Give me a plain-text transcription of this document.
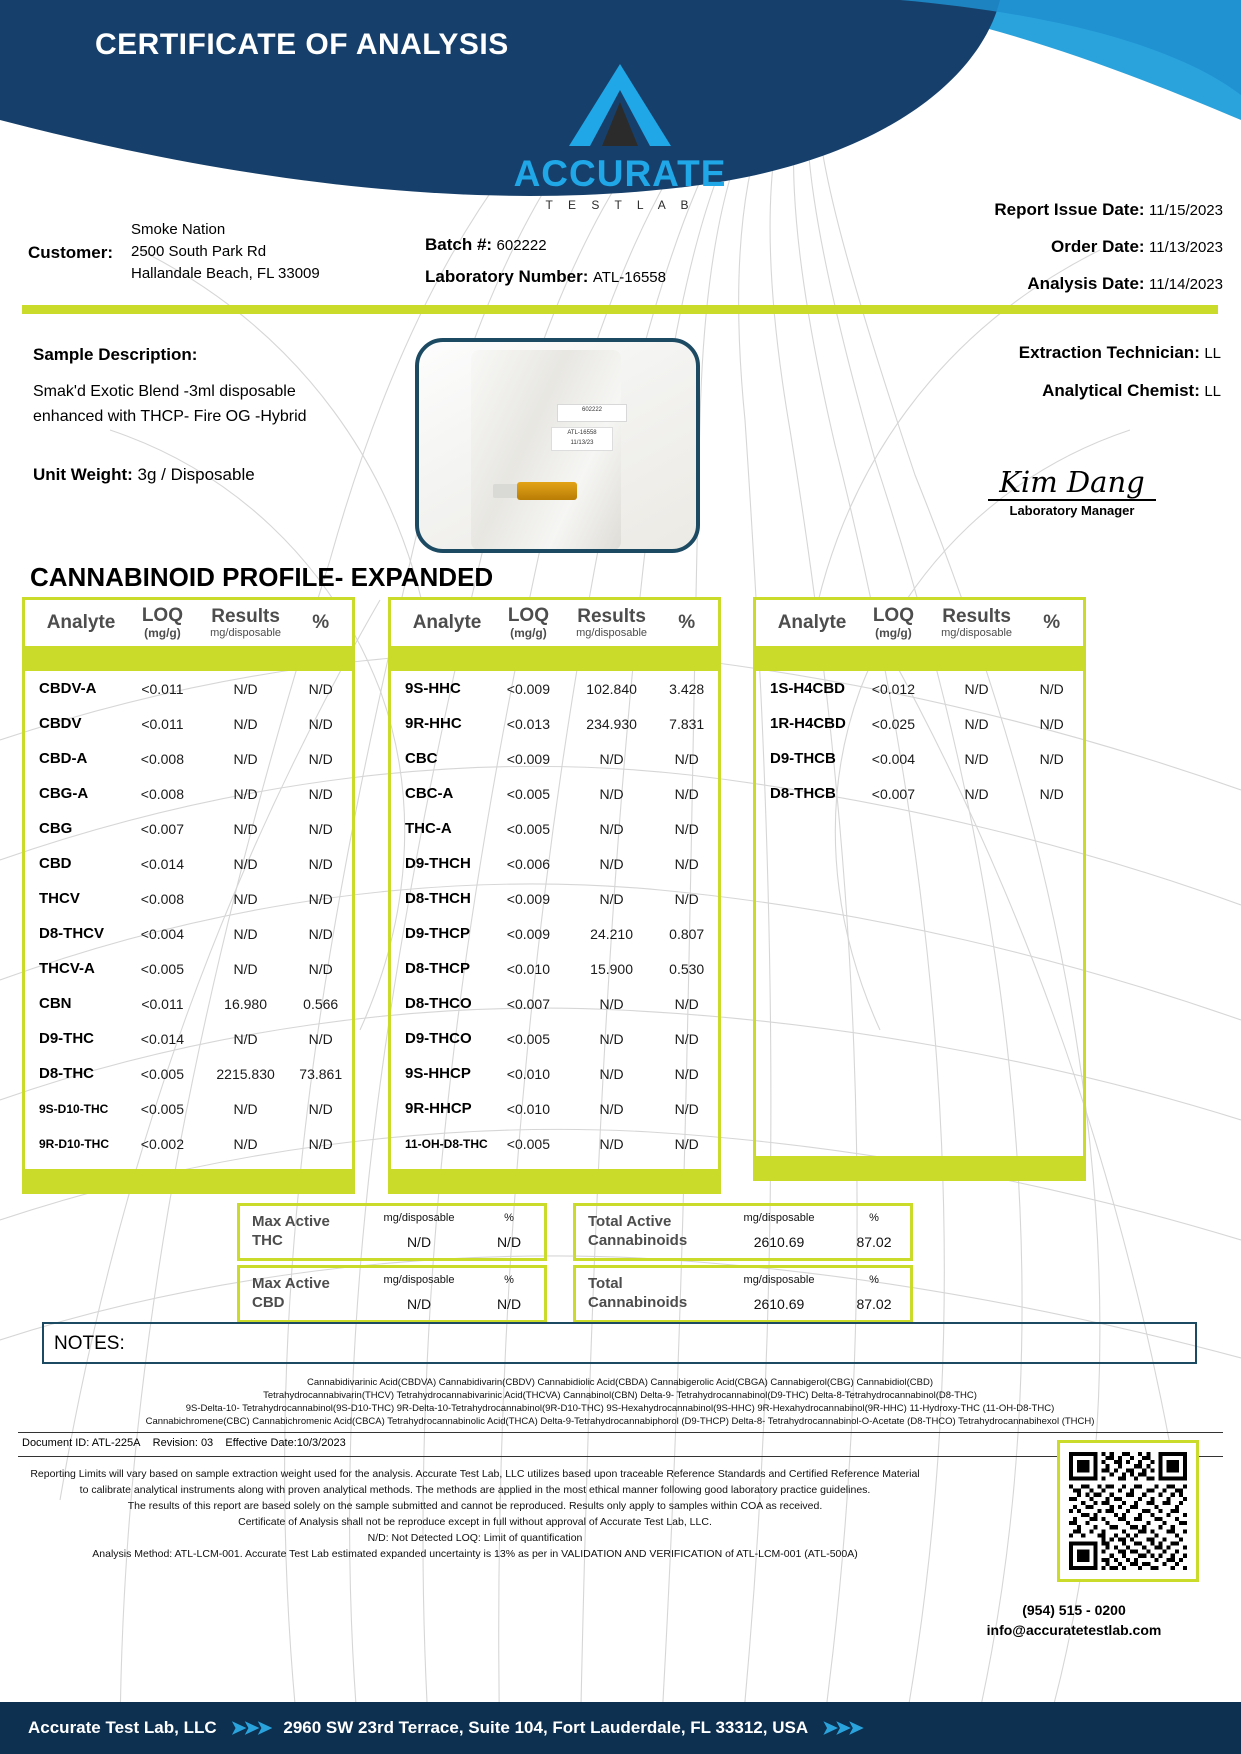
CERTIFICATE OF ANALYSIS
ACCURATE
T E S T L A B
Customer:
Smoke Nation
2500 South Park Rd
Hallandale Beach, FL 33009
Batch #: 602222
Laboratory Number: ATL-16558
Report Issue Date: 11/15/2023
Order Date: 11/13/2023
Analysis Date: 11/14/2023
Sample Description:
Smak'd Exotic Blend -3ml disposable
enhanced with THCP- Fire OG -Hybrid
Unit Weight: 3g / Disposable
602222
ATL-16558
11/13/23
Extraction Technician: LL
Analytical Chemist: LL
Kim Dang
Laboratory Manager
CANNABINOID PROFILE- EXPANDED
Analyte	LOQ
(mg/g)
Results
mg/disposable	%
CBDV-A	<0.011	N/D	N/D
CBDV	<0.011	N/D	N/D
CBD-A	<0.008	N/D	N/D
CBG-A	<0.008	N/D	N/D
CBG	<0.007	N/D	N/D
CBD	<0.014	N/D	N/D
THCV	<0.008	N/D	N/D
D8-THCV	<0.004	N/D	N/D
THCV-A	<0.005	N/D	N/D
CBN	<0.011	16.980	0.566
D9-THC	<0.014	N/D	N/D
D8-THC	<0.005	2215.830	73.861
9S-D10-THC	<0.005	N/D	N/D
9R-D10-THC	<0.002	N/D	N/D
Analyte	LOQ
(mg/g)
Results
mg/disposable	%
9S-HHC	<0.009	102.840	3.428
9R-HHC	<0.013	234.930	7.831
CBC	<0.009	N/D	N/D
CBC-A	<0.005	N/D	N/D
THC-A	<0.005	N/D	N/D
D9-THCH	<0.006	N/D	N/D
D8-THCH	<0.009	N/D	N/D
D9-THCP	<0.009	24.210	0.807
D8-THCP	<0.010	15.900	0.530
D8-THCO	<0.007	N/D	N/D
D9-THCO	<0.005	N/D	N/D
9S-HHCP	<0.010	N/D	N/D
9R-HHCP	<0.010	N/D	N/D
11-OH-D8-THC	<0.005	N/D	N/D
Analyte	LOQ
(mg/g)
Results
mg/disposable	%
1S-H4CBD	<0.012	N/D	N/D
1R-H4CBD	<0.025	N/D	N/D
D9-THCB	<0.004	N/D	N/D
D8-THCB	<0.007	N/D	N/D
Max Active THC
mg/disposable
N/D
%
N/D
Max Active CBD
mg/disposable
N/D
%
N/D
Total Active
Cannabinoids
mg/disposable
2610.69
%
87.02
Total
Cannabinoids
mg/disposable
2610.69
%
87.02
NOTES:
Cannabidivarinic Acid(CBDVA) Cannabidivarin(CBDV) Cannabidiolic Acid(CBDA) Cannabigerolic Acid(CBGA) Cannabigerol(CBG) Cannabidiol(CBD)
Tetrahydrocannabivarin(THCV) Tetrahydrocannabivarinic Acid(THCVA) Cannabinol(CBN) Delta-9- Tetrahydrocannabinol(D9-THC) Delta-8-Tetrahydrocannabinol(D8-THC)
9S-Delta-10- Tetrahydrocannabinol(9S-D10-THC) 9R-Delta-10-Tetrahydrocannabinol(9R-D10-THC) 9S-Hexahydrocannabinol(9S-HHC) 9R-Hexahydrocannabinol(9R-HHC) 11-Hydroxy-THC (11-OH-D8-THC)
Cannabichromene(CBC) Cannabichromenic Acid(CBCA) Tetrahydrocannabinolic Acid(THCA) Delta-9-Tetrahydrocannabiphorol (D9-THCP) Delta-8- Tetrahydrocannabinol-O-Acetate (D8-THCO) Tetrahydrocannabihexol (THCH)
Document ID: ATL-225A Revision: 03 Effective Date:10/3/2023
Reporting Limits will vary based on sample extraction weight used for the analysis. Accurate Test Lab, LLC utilizes based upon traceable Reference Standards and Certified Reference Material
to calibrate analytical instruments along with proven analytical methods. The methods are applied in the most ethical manner following good laboratory practice guidelines.
The results of this report are based solely on the sample submitted and cannot be reproduced. Results only apply to samples within COA as received.
Certificate of Analysis shall not be reproduce except in full without approval of Accurate Test Lab, LLC.
N/D: Not Detected LOQ: Limit of quantification
Analysis Method: ATL-LCM-001. Accurate Test Lab estimated expanded uncertainty is 13% as per in VALIDATION AND VERIFICATION of ATL-LCM-001 (ATL-500A)
(954) 515 - 0200
info@accuratetestlab.com
Accurate Test Lab, LLC ➤➤➤ 2960 SW 23rd Terrace, Suite 104, Fort Lauderdale, FL 33312, USA ➤➤➤
